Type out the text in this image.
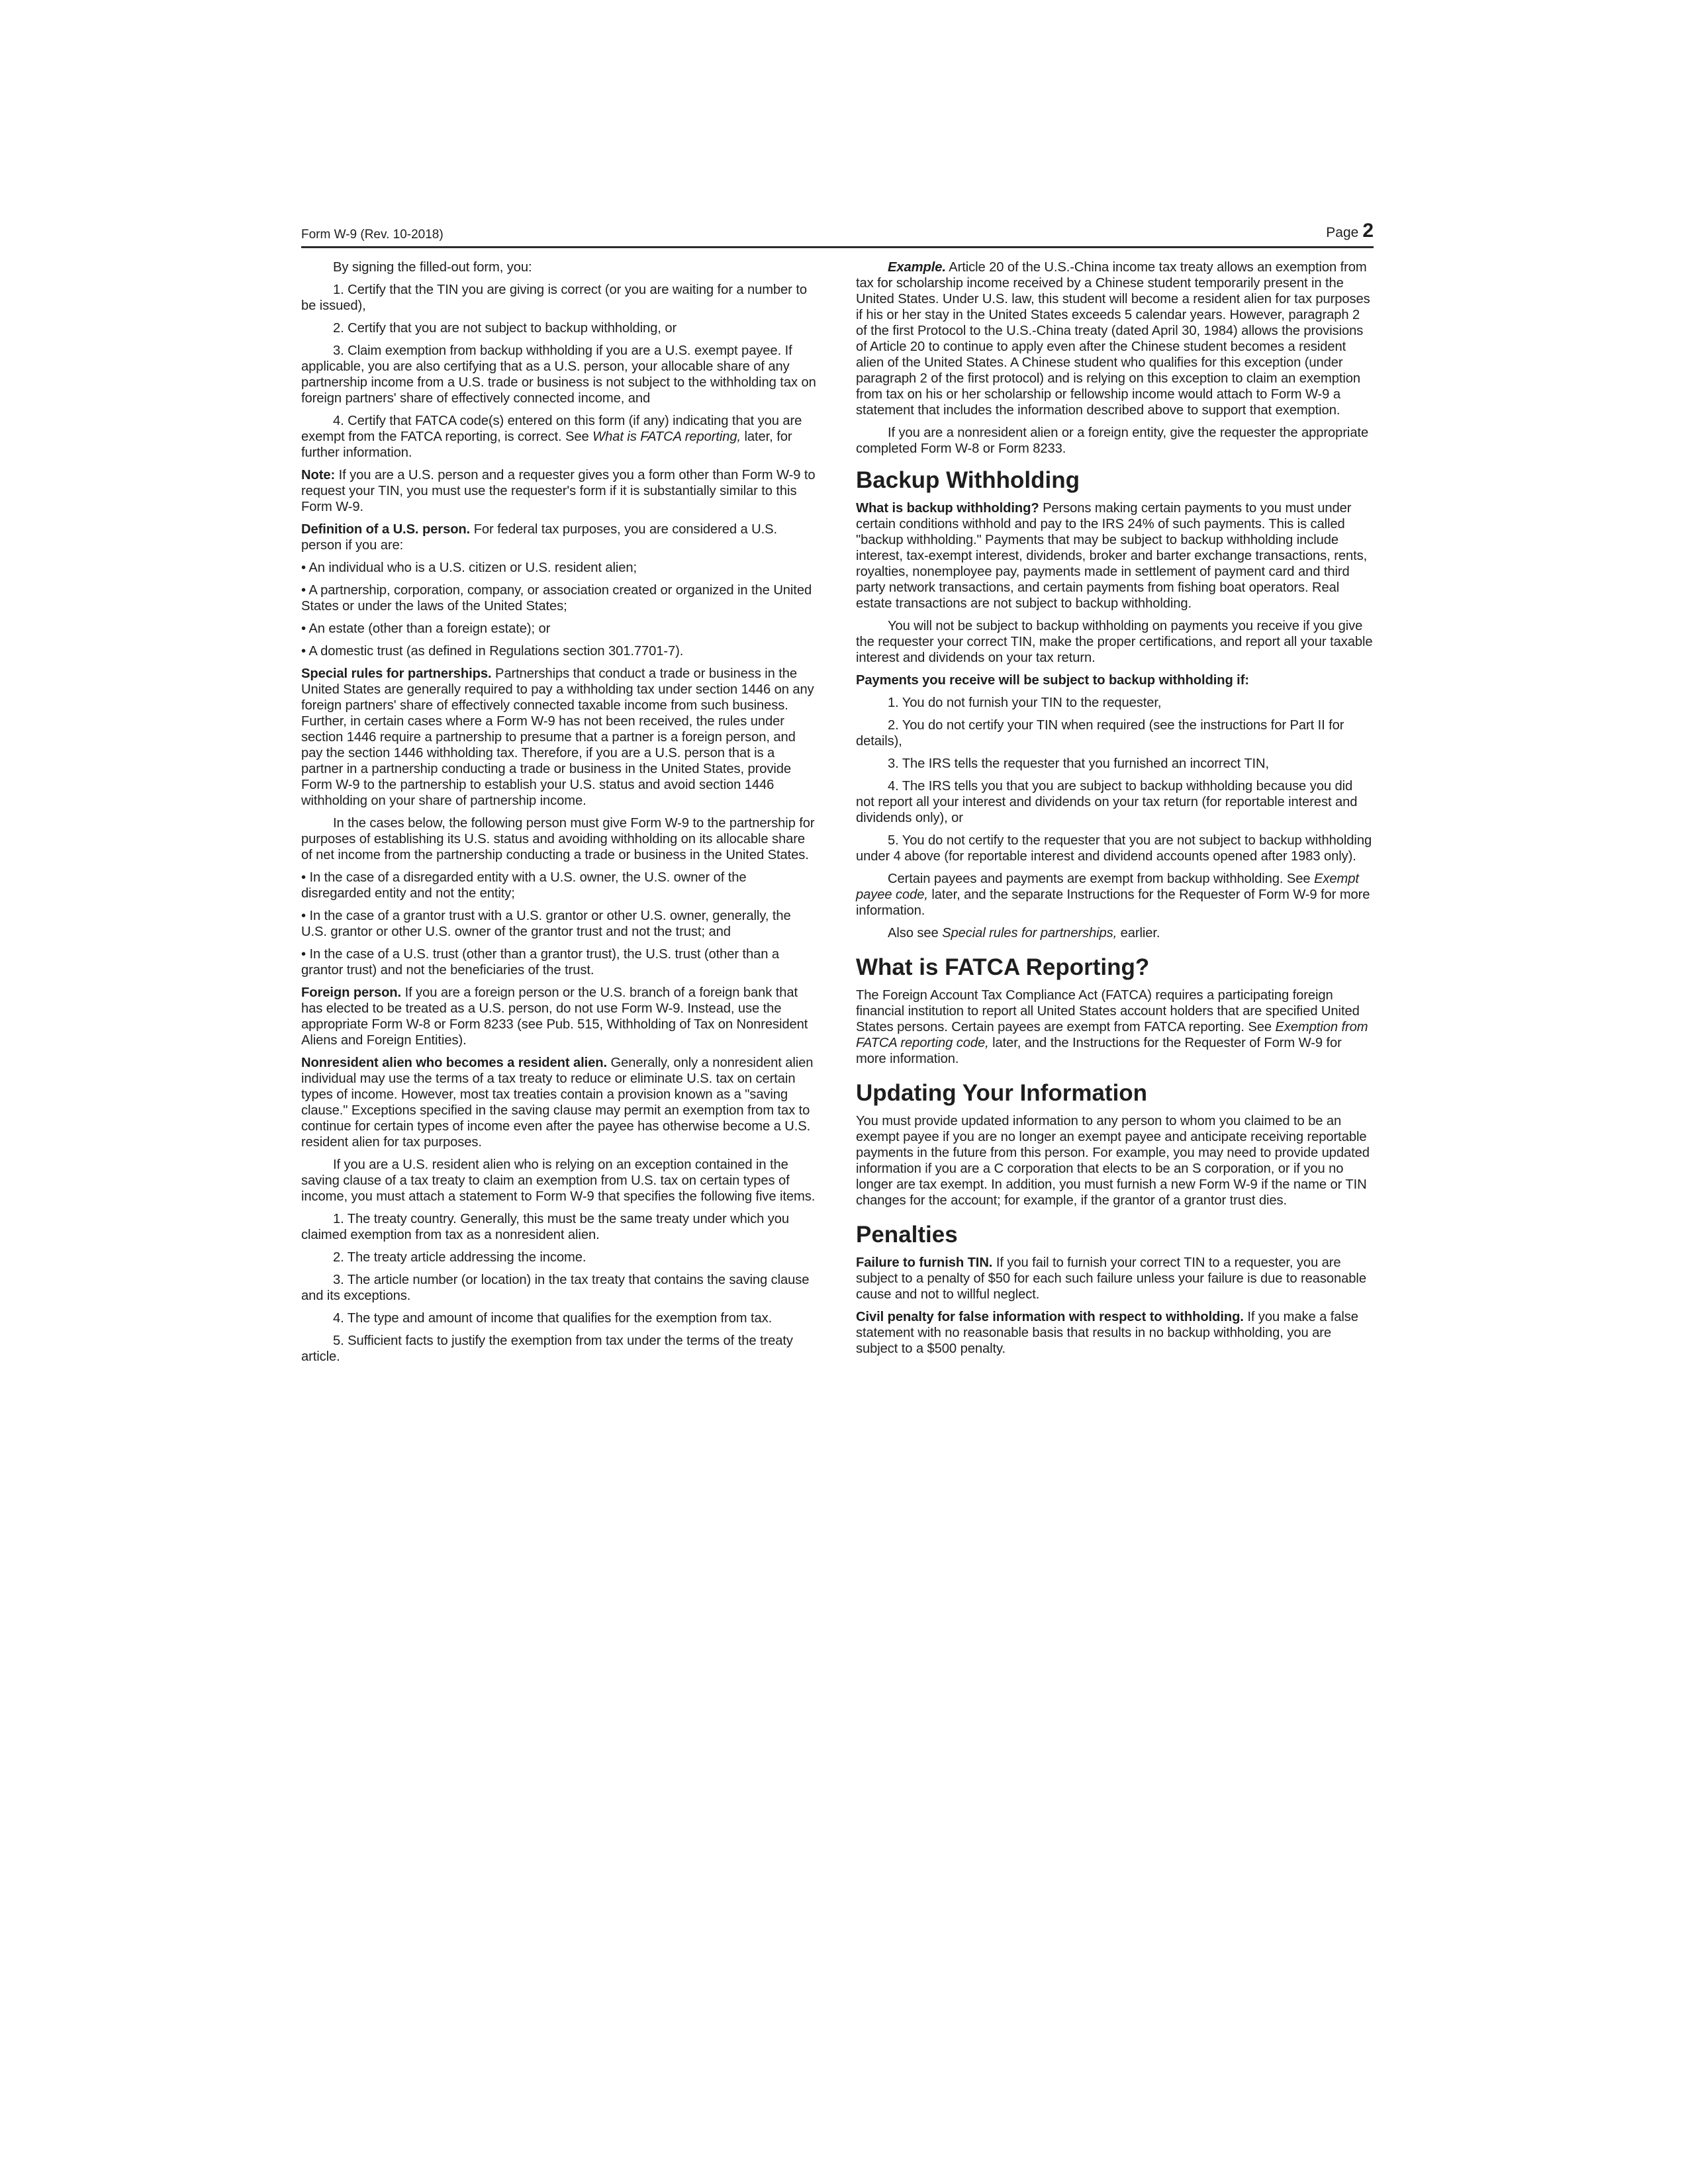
Form W-9 (Rev. 10-2018)	Page 2

By signing the filled-out form, you:

1. Certify that the TIN you are giving is correct (or you are waiting for a number to be issued),

2. Certify that you are not subject to backup withholding, or

3. Claim exemption from backup withholding if you are a U.S. exempt payee. If applicable, you are also certifying that as a U.S. person, your allocable share of any partnership income from a U.S. trade or business is not subject to the withholding tax on foreign partners' share of effectively connected income, and

4. Certify that FATCA code(s) entered on this form (if any) indicating that you are exempt from the FATCA reporting, is correct. See What is FATCA reporting, later, for further information.

Note: If you are a U.S. person and a requester gives you a form other than Form W-9 to request your TIN, you must use the requester's form if it is substantially similar to this Form W-9.

Definition of a U.S. person. For federal tax purposes, you are considered a U.S. person if you are:

• An individual who is a U.S. citizen or U.S. resident alien;

• A partnership, corporation, company, or association created or organized in the United States or under the laws of the United States;

• An estate (other than a foreign estate); or

• A domestic trust (as defined in Regulations section 301.7701-7).

Special rules for partnerships. Partnerships that conduct a trade or business in the United States are generally required to pay a withholding tax under section 1446 on any foreign partners' share of effectively connected taxable income from such business. Further, in certain cases where a Form W-9 has not been received, the rules under section 1446 require a partnership to presume that a partner is a foreign person, and pay the section 1446 withholding tax. Therefore, if you are a U.S. person that is a partner in a partnership conducting a trade or business in the United States, provide Form W-9 to the partnership to establish your U.S. status and avoid section 1446 withholding on your share of partnership income.

In the cases below, the following person must give Form W-9 to the partnership for purposes of establishing its U.S. status and avoiding withholding on its allocable share of net income from the partnership conducting a trade or business in the United States.

• In the case of a disregarded entity with a U.S. owner, the U.S. owner of the disregarded entity and not the entity;

• In the case of a grantor trust with a U.S. grantor or other U.S. owner, generally, the U.S. grantor or other U.S. owner of the grantor trust and not the trust; and

• In the case of a U.S. trust (other than a grantor trust), the U.S. trust (other than a grantor trust) and not the beneficiaries of the trust.

Foreign person. If you are a foreign person or the U.S. branch of a foreign bank that has elected to be treated as a U.S. person, do not use Form W-9. Instead, use the appropriate Form W-8 or Form 8233 (see Pub. 515, Withholding of Tax on Nonresident Aliens and Foreign Entities).

Nonresident alien who becomes a resident alien. Generally, only a nonresident alien individual may use the terms of a tax treaty to reduce or eliminate U.S. tax on certain types of income. However, most tax treaties contain a provision known as a "saving clause." Exceptions specified in the saving clause may permit an exemption from tax to continue for certain types of income even after the payee has otherwise become a U.S. resident alien for tax purposes.

If you are a U.S. resident alien who is relying on an exception contained in the saving clause of a tax treaty to claim an exemption from U.S. tax on certain types of income, you must attach a statement to Form W-9 that specifies the following five items.

1. The treaty country. Generally, this must be the same treaty under which you claimed exemption from tax as a nonresident alien.

2. The treaty article addressing the income.

3. The article number (or location) in the tax treaty that contains the saving clause and its exceptions.

4. The type and amount of income that qualifies for the exemption from tax.

5. Sufficient facts to justify the exemption from tax under the terms of the treaty article.

Example. Article 20 of the U.S.-China income tax treaty allows an exemption from tax for scholarship income received by a Chinese student temporarily present in the United States. Under U.S. law, this student will become a resident alien for tax purposes if his or her stay in the United States exceeds 5 calendar years. However, paragraph 2 of the first Protocol to the U.S.-China treaty (dated April 30, 1984) allows the provisions of Article 20 to continue to apply even after the Chinese student becomes a resident alien of the United States. A Chinese student who qualifies for this exception (under paragraph 2 of the first protocol) and is relying on this exception to claim an exemption from tax on his or her scholarship or fellowship income would attach to Form W-9 a statement that includes the information described above to support that exemption.

If you are a nonresident alien or a foreign entity, give the requester the appropriate completed Form W-8 or Form 8233.

Backup Withholding

What is backup withholding? Persons making certain payments to you must under certain conditions withhold and pay to the IRS 24% of such payments. This is called "backup withholding." Payments that may be subject to backup withholding include interest, tax-exempt interest, dividends, broker and barter exchange transactions, rents, royalties, nonemployee pay, payments made in settlement of payment card and third party network transactions, and certain payments from fishing boat operators. Real estate transactions are not subject to backup withholding.

You will not be subject to backup withholding on payments you receive if you give the requester your correct TIN, make the proper certifications, and report all your taxable interest and dividends on your tax return.

Payments you receive will be subject to backup withholding if:

1. You do not furnish your TIN to the requester,

2. You do not certify your TIN when required (see the instructions for Part II for details),

3. The IRS tells the requester that you furnished an incorrect TIN,

4. The IRS tells you that you are subject to backup withholding because you did not report all your interest and dividends on your tax return (for reportable interest and dividends only), or

5. You do not certify to the requester that you are not subject to backup withholding under 4 above (for reportable interest and dividend accounts opened after 1983 only).

Certain payees and payments are exempt from backup withholding. See Exempt payee code, later, and the separate Instructions for the Requester of Form W-9 for more information.

Also see Special rules for partnerships, earlier.

What is FATCA Reporting?

The Foreign Account Tax Compliance Act (FATCA) requires a participating foreign financial institution to report all United States account holders that are specified United States persons. Certain payees are exempt from FATCA reporting. See Exemption from FATCA reporting code, later, and the Instructions for the Requester of Form W-9 for more information.

Updating Your Information

You must provide updated information to any person to whom you claimed to be an exempt payee if you are no longer an exempt payee and anticipate receiving reportable payments in the future from this person. For example, you may need to provide updated information if you are a C corporation that elects to be an S corporation, or if you no longer are tax exempt. In addition, you must furnish a new Form W-9 if the name or TIN changes for the account; for example, if the grantor of a grantor trust dies.

Penalties

Failure to furnish TIN. If you fail to furnish your correct TIN to a requester, you are subject to a penalty of $50 for each such failure unless your failure is due to reasonable cause and not to willful neglect.

Civil penalty for false information with respect to withholding. If you make a false statement with no reasonable basis that results in no backup withholding, you are subject to a $500 penalty.
